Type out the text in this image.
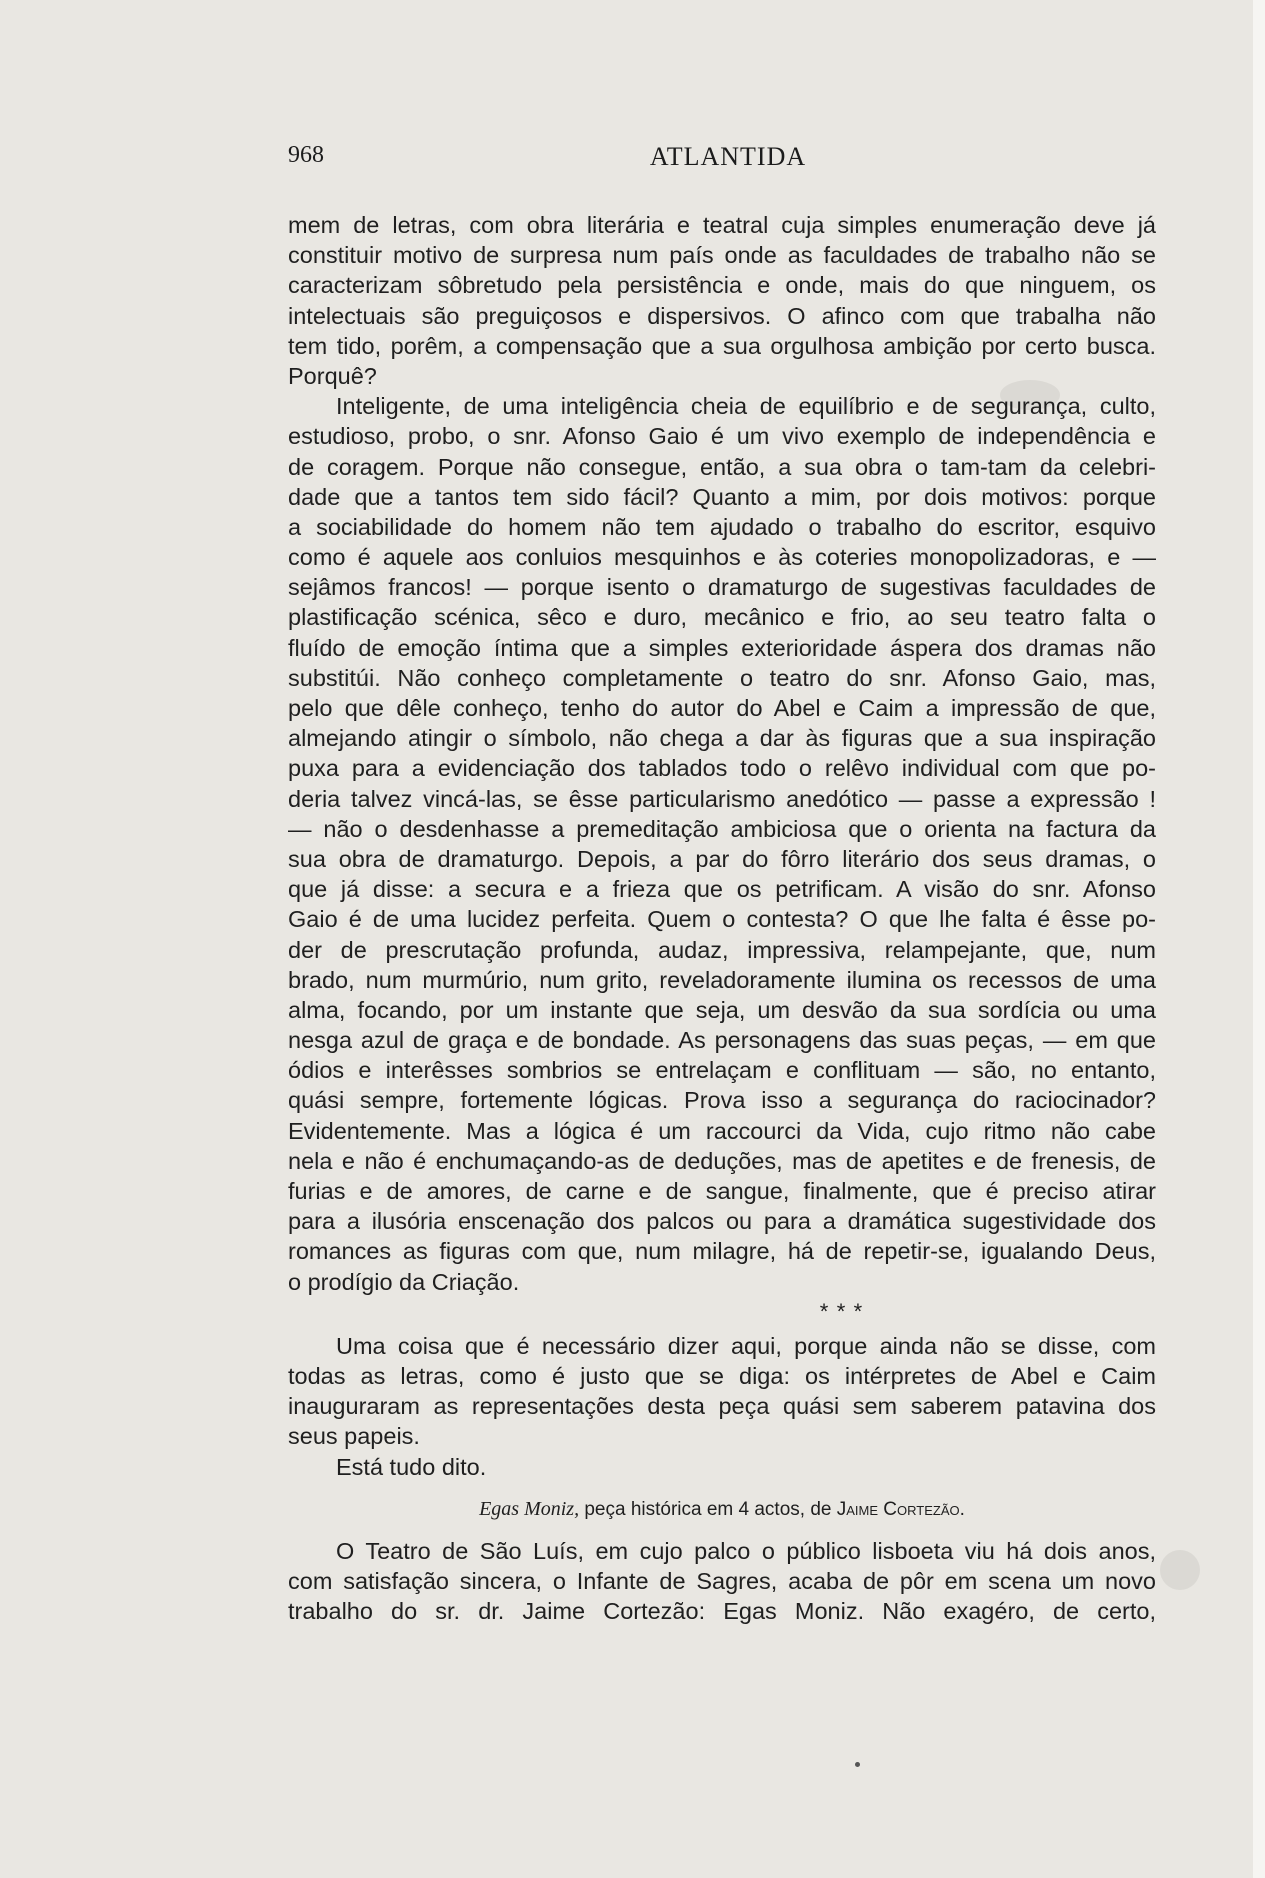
968	ATLANTIDA
mem de letras, com obra literária e teatral cuja simples enumeração deve já
constituir motivo de surpresa num país onde as faculdades de trabalho não se
caracterizam sôbretudo pela persistência e onde, mais do que ninguem, os
intelectuais são preguiçosos e dispersivos. O afinco com que trabalha não
tem tido, porêm, a compensação que a sua orgulhosa ambição por certo busca.
Porquê?
Inteligente, de uma inteligência cheia de equilíbrio e de segurança, culto,
estudioso, probo, o snr. Afonso Gaio é um vivo exemplo de independência e
de coragem. Porque não consegue, então, a sua obra o tam-tam da celebri-
dade que a tantos tem sido fácil? Quanto a mim, por dois motivos: porque
a sociabilidade do homem não tem ajudado o trabalho do escritor, esquivo
como é aquele aos conluios mesquinhos e às coteries monopolizadoras, e —
sejâmos francos! — porque isento o dramaturgo de sugestivas faculdades de
plastificação scénica, sêco e duro, mecânico e frio, ao seu teatro falta o
fluído de emoção íntima que a simples exterioridade áspera dos dramas não
substitúi. Não conheço completamente o teatro do snr. Afonso Gaio, mas,
pelo que dêle conheço, tenho do autor do Abel e Caim a impressão de que,
almejando atingir o símbolo, não chega a dar às figuras que a sua inspiração
puxa para a evidenciação dos tablados todo o relêvo individual com que po-
deria talvez vincá-las, se êsse particularismo anedótico — passe a expressão !
— não o desdenhasse a premeditação ambiciosa que o orienta na factura da
sua obra de dramaturgo. Depois, a par do fôrro literário dos seus dramas, o
que já disse: a secura e a frieza que os petrificam. A visão do snr. Afonso
Gaio é de uma lucidez perfeita. Quem o contesta? O que lhe falta é êsse po-
der de prescrutação profunda, audaz, impressiva, relampejante, que, num
brado, num murmúrio, num grito, reveladoramente ilumina os recessos de uma
alma, focando, por um instante que seja, um desvão da sua sordícia ou uma
nesga azul de graça e de bondade. As personagens das suas peças, — em que
ódios e interêsses sombrios se entrelaçam e conflituam — são, no entanto,
quási sempre, fortemente lógicas. Prova isso a segurança do raciocinador?
Evidentemente. Mas a lógica é um raccourci da Vida, cujo ritmo não cabe
nela e não é enchumaçando-as de deduções, mas de apetites e de frenesis, de
furias e de amores, de carne e de sangue, finalmente, que é preciso atirar
para a ilusória enscenação dos palcos ou para a dramática sugestividade dos
romances as figuras com que, num milagre, há de repetir-se, igualando Deus,
o prodígio da Criação.
* * *
Uma coisa que é necessário dizer aqui, porque ainda não se disse, com
todas as letras, como é justo que se diga: os intérpretes de Abel e Caim
inauguraram as representações desta peça quási sem saberem patavina dos
seus papeis.
Está tudo dito.
Egas Moniz, peça histórica em 4 actos, de Jaime Cortezão.
O Teatro de São Luís, em cujo palco o público lisboeta viu há dois anos,
com satisfação sincera, o Infante de Sagres, acaba de pôr em scena um novo
trabalho do sr. dr. Jaime Cortezão: Egas Moniz. Não exagéro, de certo,
